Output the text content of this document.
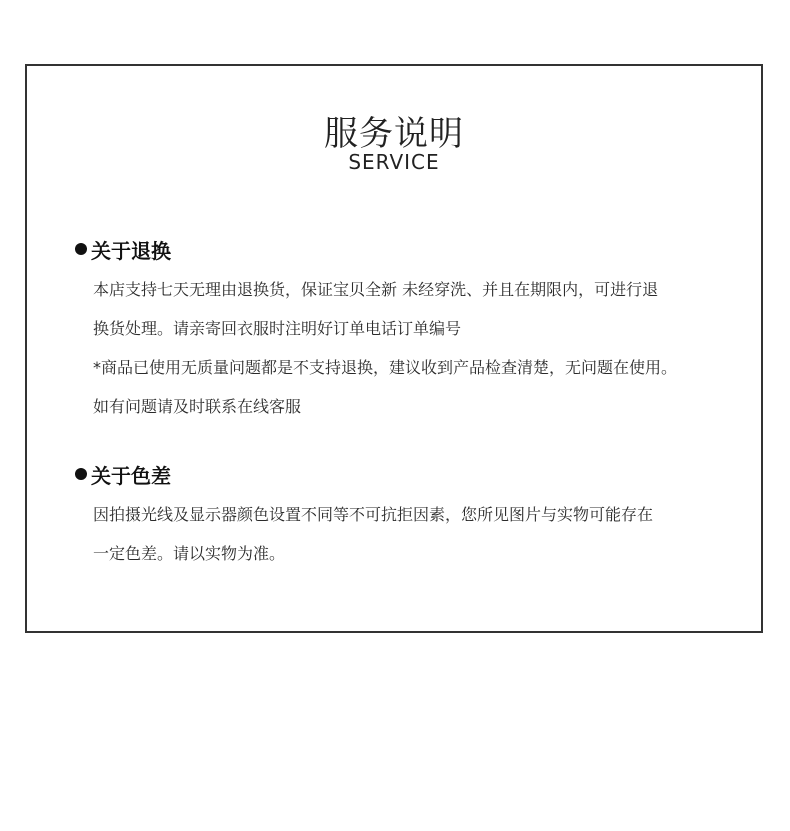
服务说明
SERVICE
关于退换
本店支持七天无理由退换货，保证宝贝全新 未经穿洗、并且在期限内，可进行退
换货处理。请亲寄回衣服时注明好订单电话订单编号
*商品已使用无质量问题都是不支持退换，建议收到产品检查清楚，无问题在使用。
如有问题请及时联系在线客服
关于色差
因拍摄光线及显示器颜色设置不同等不可抗拒因素，您所见图片与实物可能存在
一定色差。请以实物为准。
